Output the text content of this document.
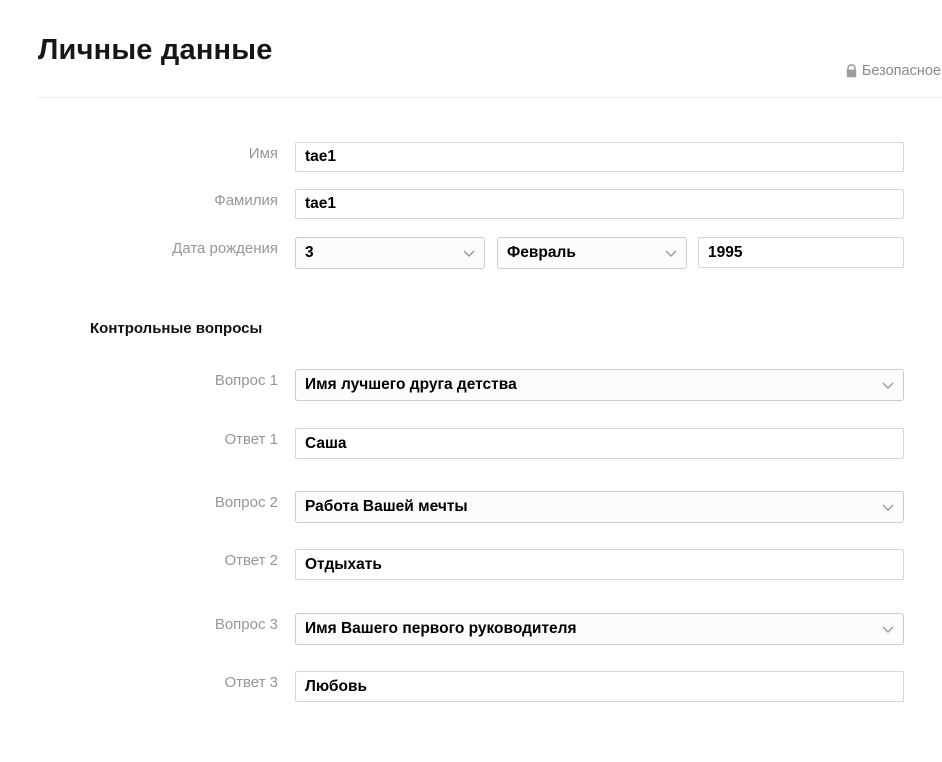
Личные данные
Безопасное
Имя
tae1
Фамилия
tae1
Дата рождения 3	Февраль
1995
Контрольные вопросы
Вопрос 1 Имя лучшего друга детства
Ответ 1
Саша
Вопрос 2 Работа Вашей мечты
Ответ 2
Отдыхать
Вопрос 3 Имя Вашего первого руководителя
Ответ 3
Любовь
